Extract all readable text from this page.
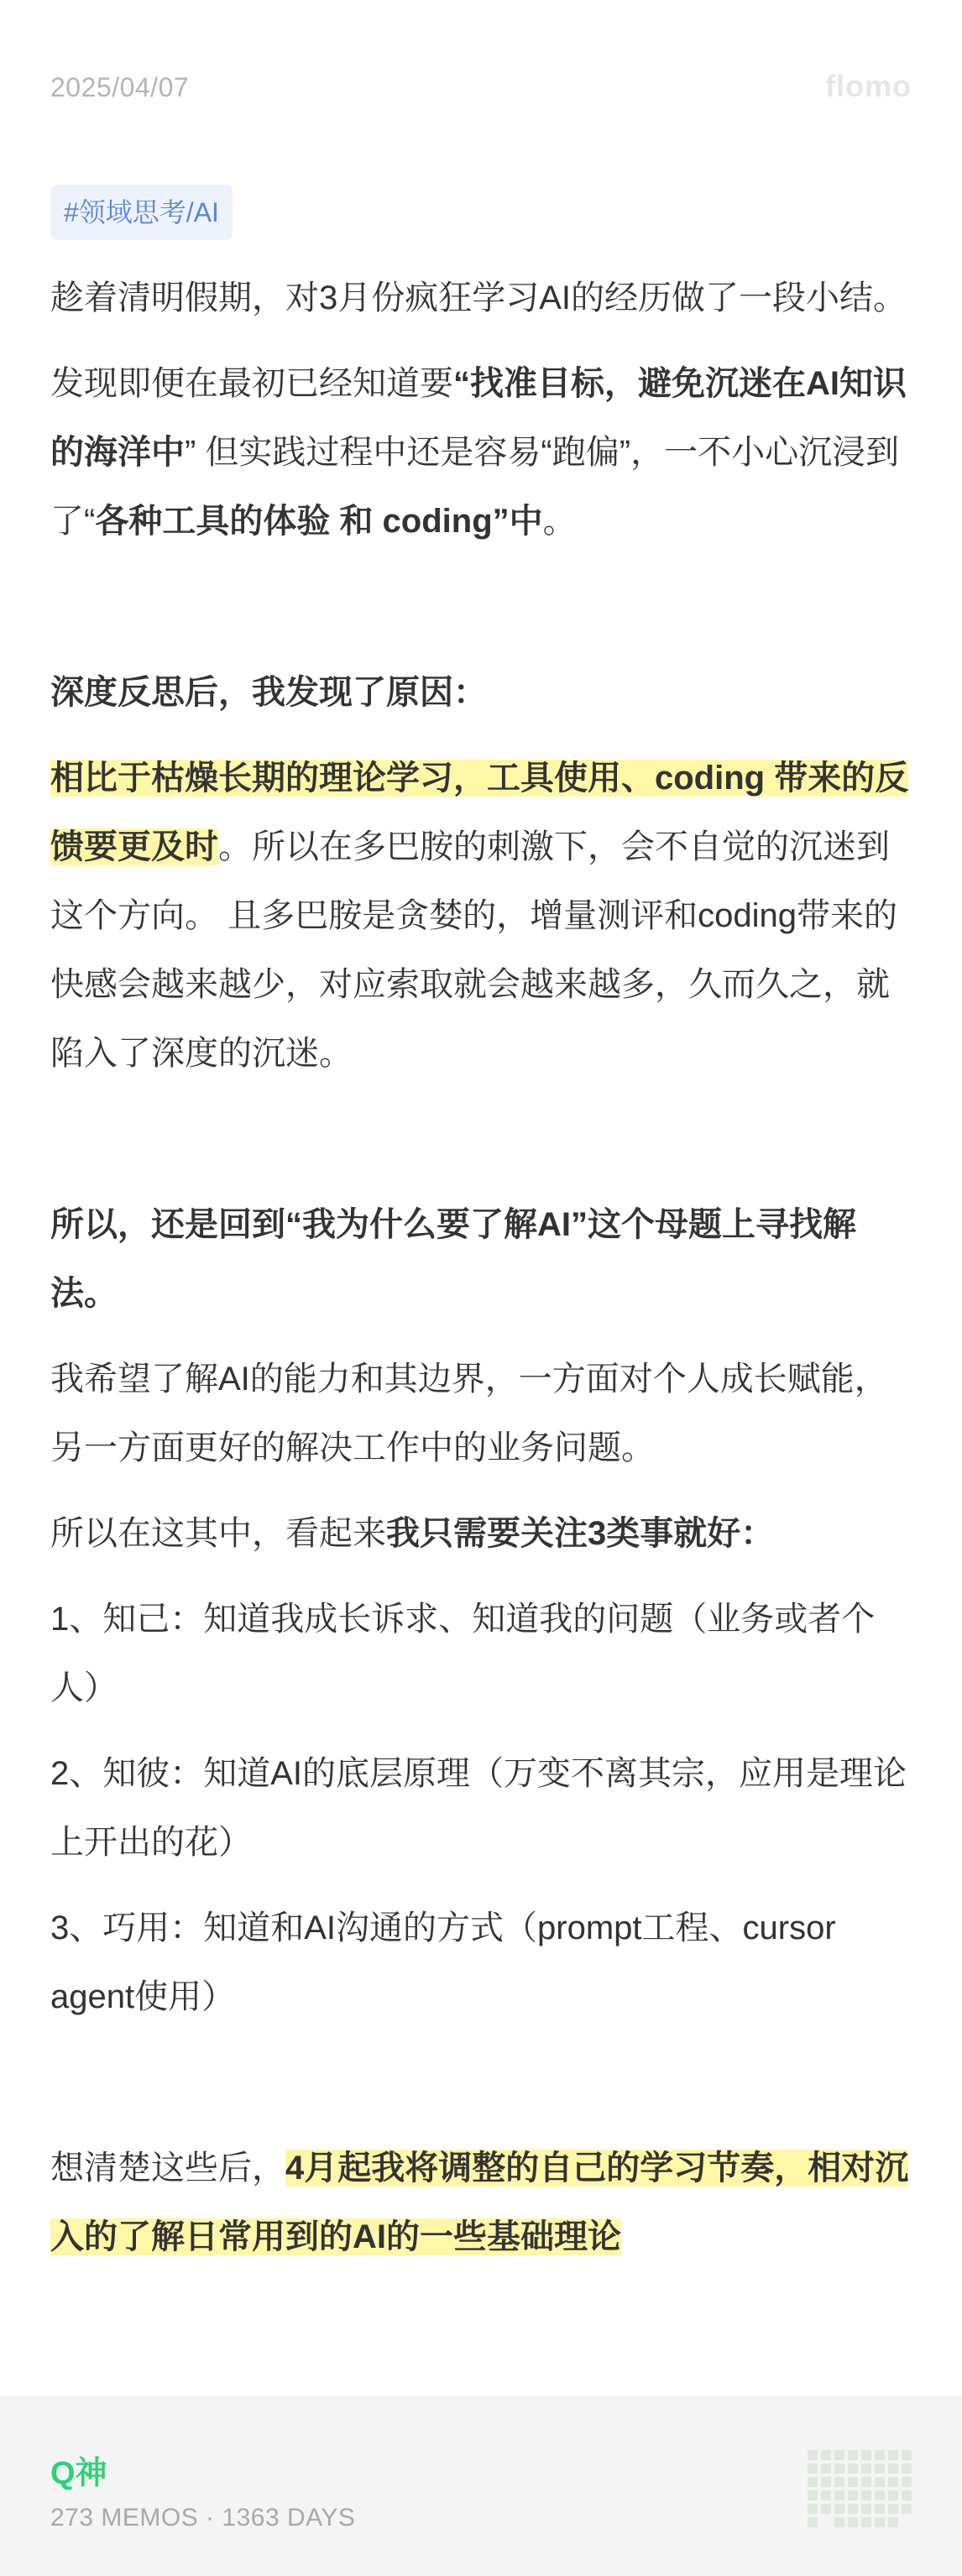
2025/04/07	flomo
#领域思考/AI

趁着清明假期，对3月份疯狂学习AI的经历做了一段小结。

发现即便在最初已经知道要“找准目标，避免沉迷在AI知识的海洋中” 但实践过程中还是容易“跑偏”，一不小心沉浸到了“各种工具的体验 和 coding”中。

深度反思后，我发现了原因：

相比于枯燥长期的理论学习，工具使用、coding 带来的反馈要更及时。所以在多巴胺的刺激下，会不自觉的沉迷到这个方向。 且多巴胺是贪婪的，增量测评和coding带来的快感会越来越少，对应索取就会越来越多，久而久之，就陷入了深度的沉迷。

所以，还是回到“我为什么要了解AI”这个母题上寻找解法。

我希望了解AI的能力和其边界，一方面对个人成长赋能，另一方面更好的解决工作中的业务问题。

所以在这其中，看起来我只需要关注3类事就好：

1、知己：知道我成长诉求、知道我的问题（业务或者个人）

2、知彼：知道AI的底层原理（万变不离其宗，应用是理论上开出的花）

3、巧用：知道和AI沟通的方式（prompt工程、cursor agent使用）

想清楚这些后，4月起我将调整的自己的学习节奏，相对沉入的了解日常用到的AI的一些基础理论

Q神
273 MEMOS · 1363 DAYS
